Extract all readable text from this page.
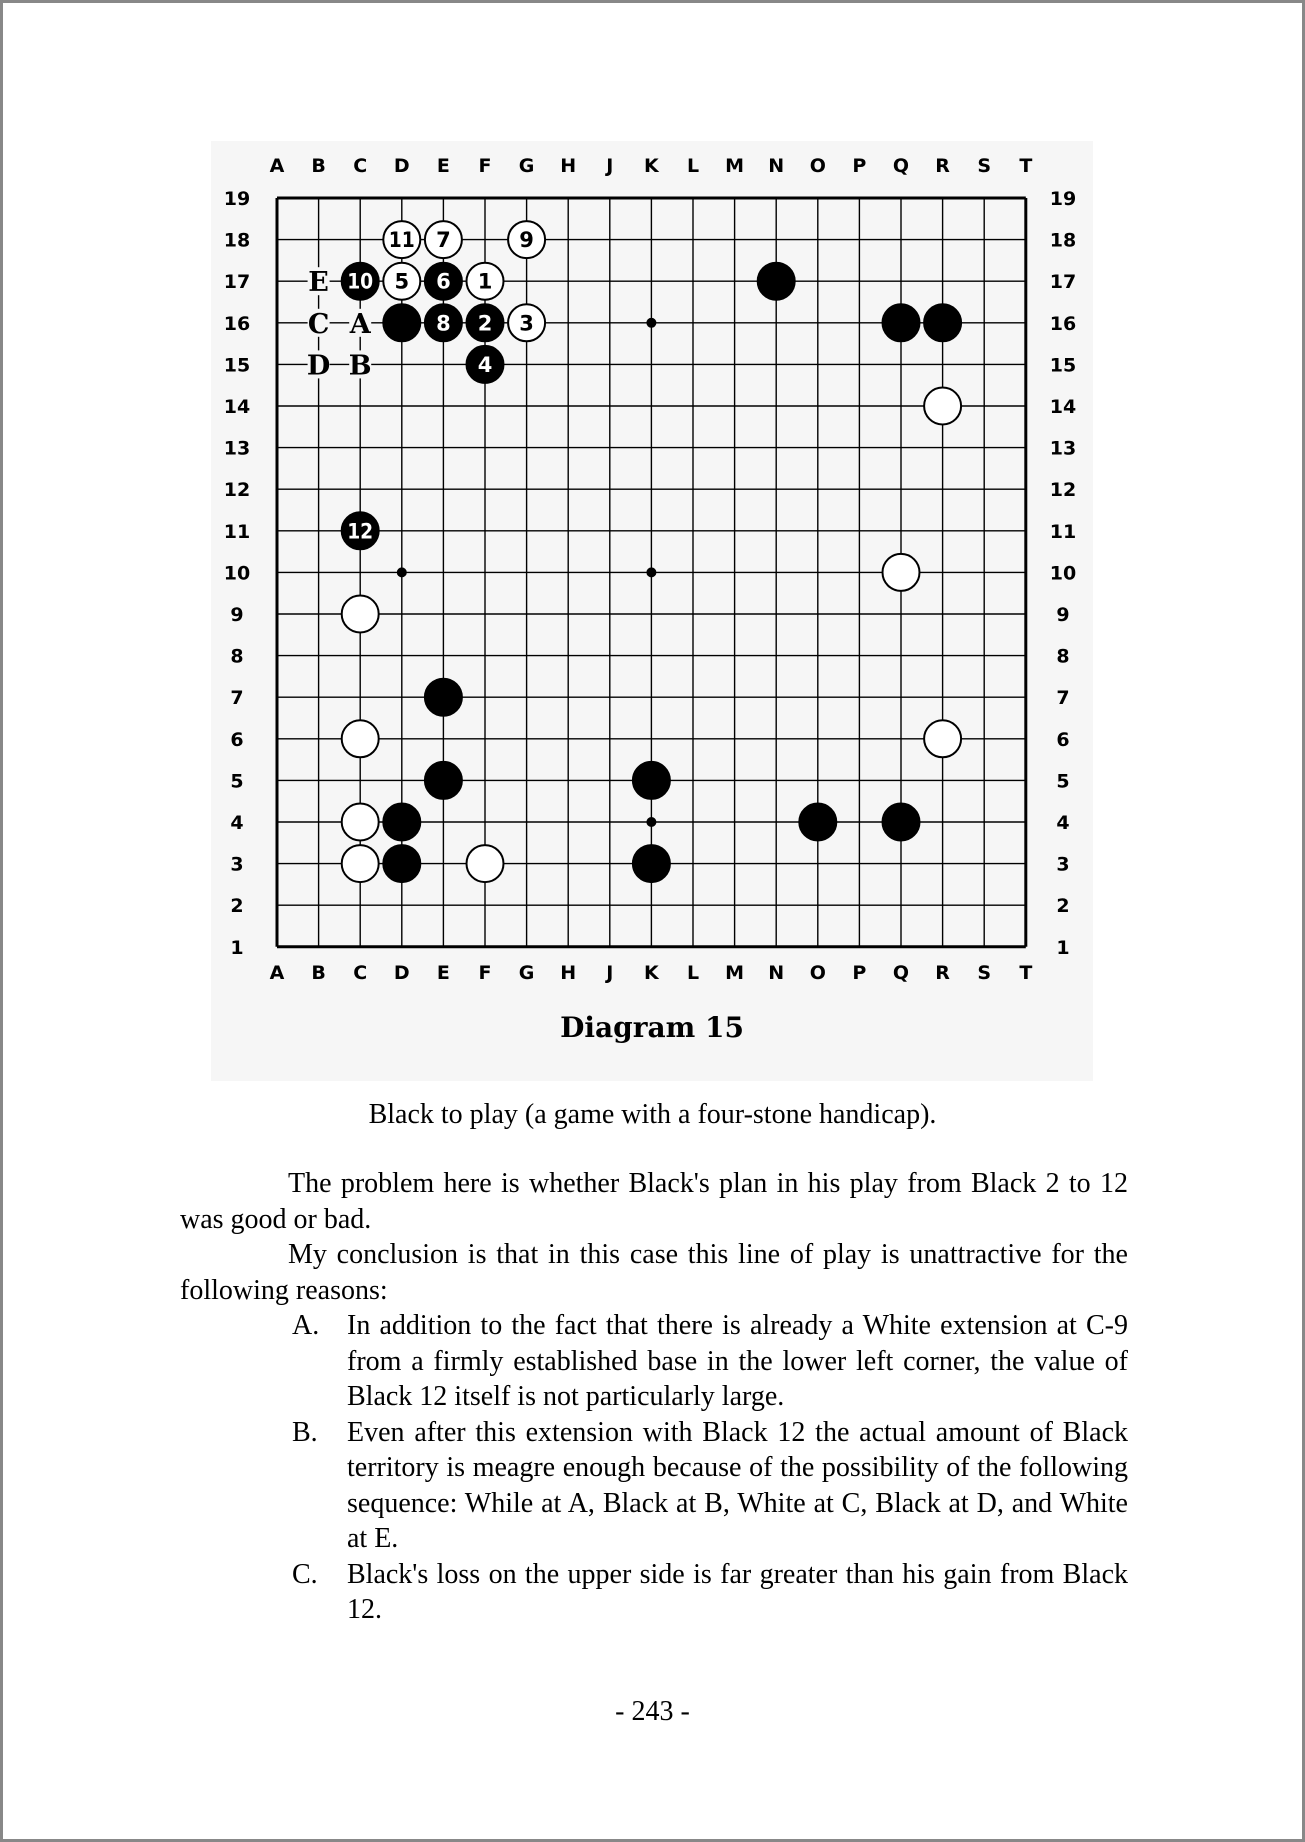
A
A
B
B
C
C
D
D
E
E
F
F
G
G
H
H
J
J
K
K
L
L
M
M
N
N
O
O
P
P
Q
Q
R
R
S
S
T
T
19	19
18	18
17	17
16	16
15	15
14	14
13	13
12	12
11	11
10	10
9	9
8	8
7	7
6	6
5	5
4	4
3	3
2	2
1	1
E
C A
D B
1
2 3
4
5 6
7
8
9
10
11
12
Diagram 15
Black to play (a game with a four-stone handicap).

The problem here is whether Black's plan in his play from Black 2 to 12 was good or bad.

My conclusion is that in this case this line of play is unattractive for the following reasons:

A. In addition to the fact that there is already a White extension at C-9 from a firmly established base in the lower left corner, the value of Black 12 itself is not particularly large.
B. Even after this extension with Black 12 the actual amount of Black territory is meagre enough because of the possibility of the following sequence: While at A, Black at B, White at C, Black at D, and White at E.
C. Black's loss on the upper side is far greater than his gain from Black 12.
- 243 -
